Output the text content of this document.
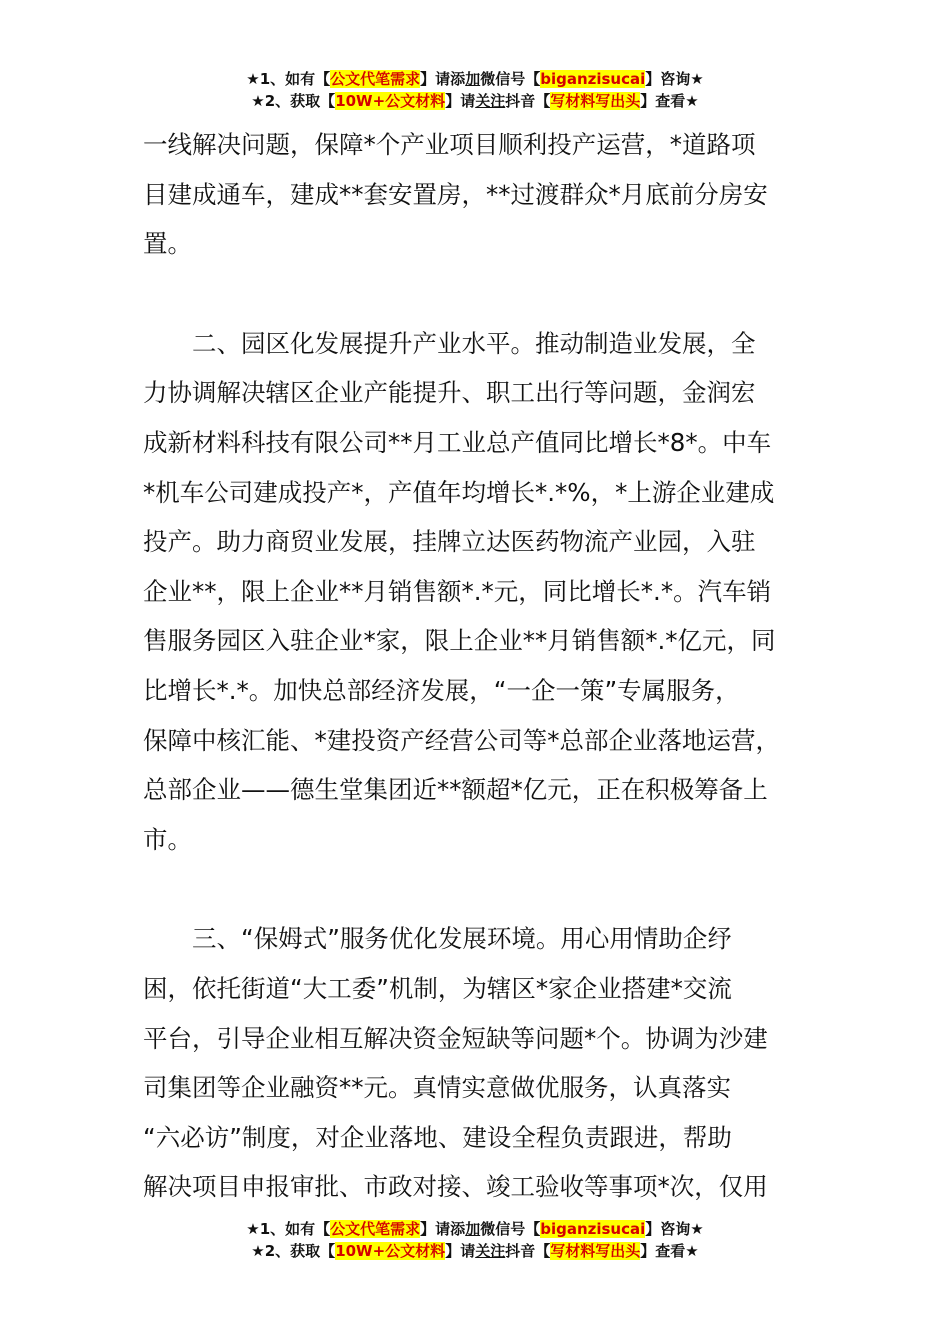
★1、如有【公文代笔需求】请添加微信号【biganzisucai】咨询★
★2、获取【10W+公文材料】请关注抖音【写材料写出头】查看★

一线解决问题，保障*个产业项目顺利投产运营，*道路项
目建成通车，建成**套安置房，**过渡群众*月底前分房安
置。

二、园区化发展提升产业水平。推动制造业发展，全
力协调解决辖区企业产能提升、职工出行等问题，金润宏
成新材料科技有限公司**月工业总产值同比增长*8*。中车
*机车公司建成投产*，产值年均增长*.*%，*上游企业建成
投产。助力商贸业发展，挂牌立达医药物流产业园，入驻
企业**，限上企业**月销售额*.*元，同比增长*.*。汽车销
售服务园区入驻企业*家，限上企业**月销售额*.*亿元，同
比增长*.*。加快总部经济发展，“一企一策”专属服务，
保障中核汇能、*建投资产经营公司等*总部企业落地运营，
总部企业——德生堂集团近**额超*亿元，正在积极筹备上
市。

三、“保姆式”服务优化发展环境。用心用情助企纾
困，依托街道“大工委”机制，为辖区*家企业搭建*交流
平台，引导企业相互解决资金短缺等问题*个。协调为沙建
司集团等企业融资**元。真情实意做优服务，认真落实
“六必访”制度，对企业落地、建设全程负责跟进，帮助
解决项目申报审批、市政对接、竣工验收等事项*次，仅用

★1、如有【公文代笔需求】请添加微信号【biganzisucai】咨询★
★2、获取【10W+公文材料】请关注抖音【写材料写出头】查看★
